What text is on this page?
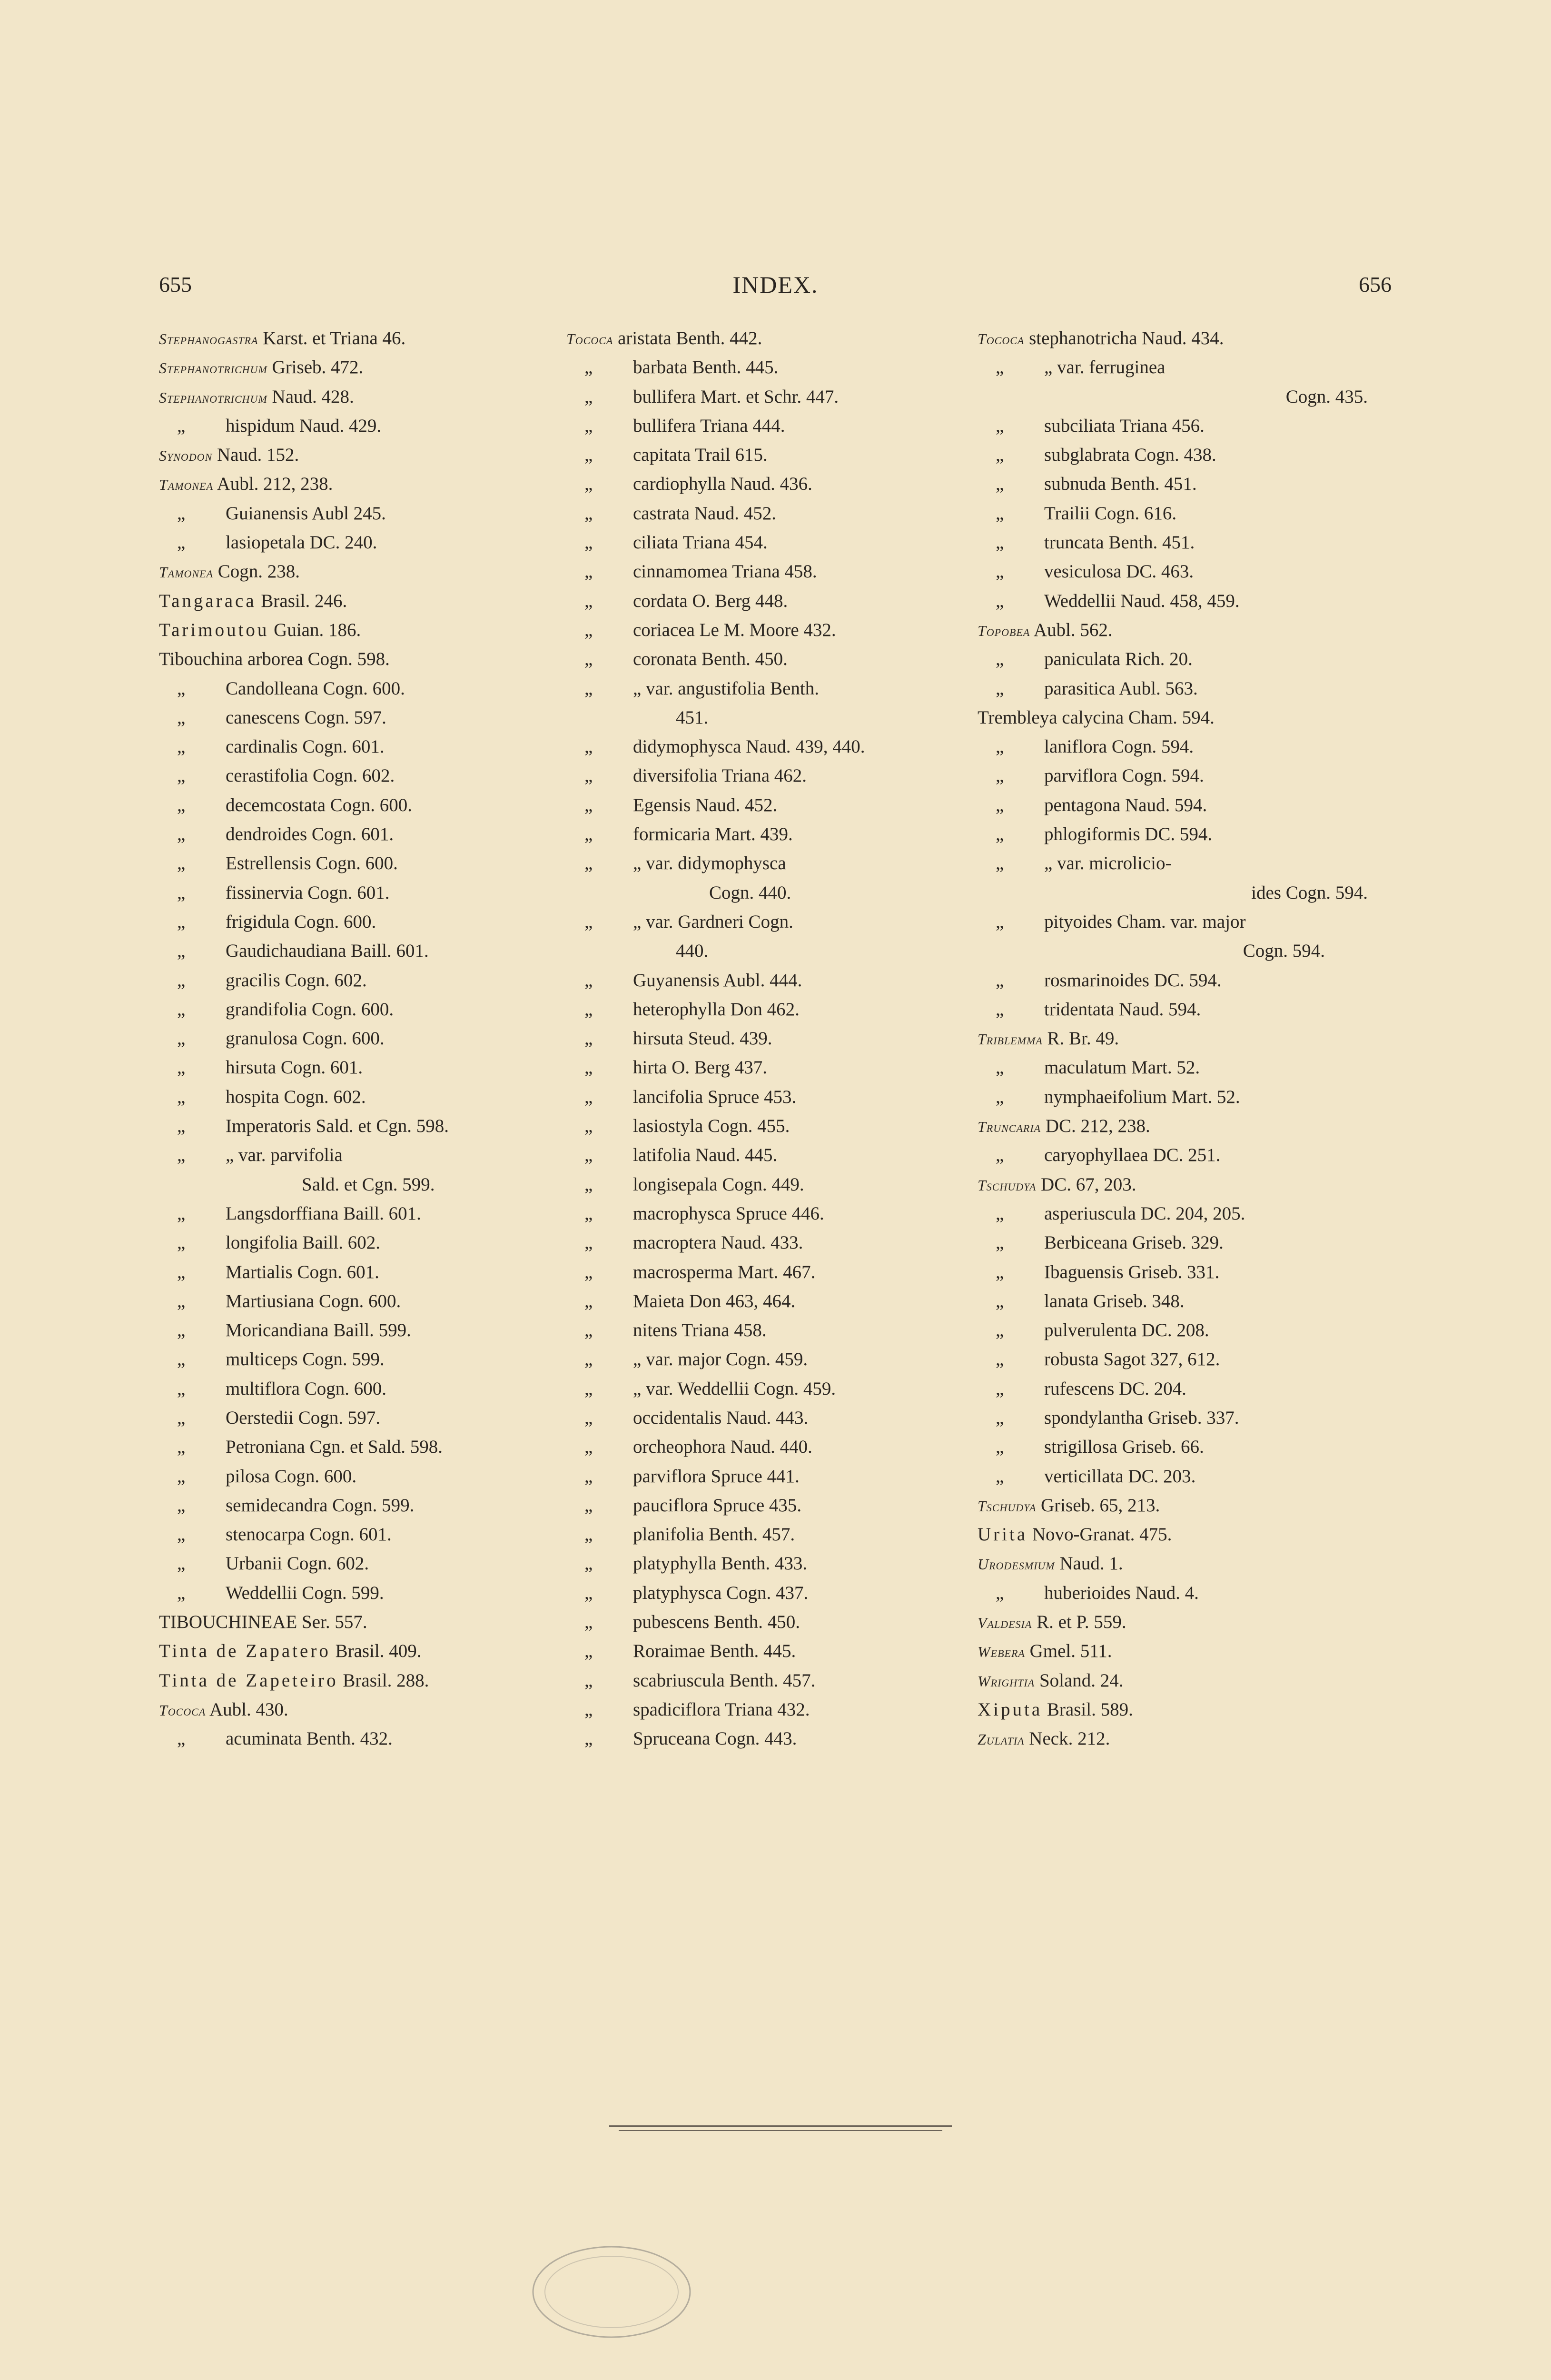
655	INDEX.	656
Stephanogastra Karst. et Triana 46.
Stephanotrichum Griseb. 472.
Stephanotrichum Naud. 428.
„ hispidum Naud. 429.
Synodon Naud. 152.
Tamonea Aubl. 212, 238.
„ Guianensis Aubl 245.
„ lasiopetala DC. 240.
Tamonea Cogn. 238.
Tangaraca Brasil. 246.
Tarimoutou Guian. 186.
Tibouchina arborea Cogn. 598.
„ Candolleana Cogn. 600.
„ canescens Cogn. 597.
„ cardinalis Cogn. 601.
„ cerastifolia Cogn. 602.
„ decemcostata Cogn. 600.
„ dendroides Cogn. 601.
„ Estrellensis Cogn. 600.
„ fissinervia Cogn. 601.
„ frigidula Cogn. 600.
„ Gaudichaudiana Baill. 601.
„ gracilis Cogn. 602.
„ grandifolia Cogn. 600.
„ granulosa Cogn. 600.
„ hirsuta Cogn. 601.
„ hospita Cogn. 602.
„ Imperatoris Sald. et Cgn. 598.
„ „ var. parvifolia
Sald. et Cgn. 599.
„ Langsdorffiana Baill. 601.
„ longifolia Baill. 602.
„ Martialis Cogn. 601.
„ Martiusiana Cogn. 600.
„ Moricandiana Baill. 599.
„ multiceps Cogn. 599.
„ multiflora Cogn. 600.
„ Oerstedii Cogn. 597.
„ Petroniana Cgn. et Sald. 598.
„ pilosa Cogn. 600.
„ semidecandra Cogn. 599.
„ stenocarpa Cogn. 601.
„ Urbanii Cogn. 602.
„ Weddellii Cogn. 599.
TIBOUCHINEAE Ser. 557.
Tinta de Zapatero Brasil. 409.
Tinta de Zapeteiro Brasil. 288.
Tococa Aubl. 430.
„ acuminata Benth. 432.
Tococa aristata Benth. 442.
„ barbata Benth. 445.
„ bullifera Mart. et Schr. 447.
„ bullifera Triana 444.
„ capitata Trail 615.
„ cardiophylla Naud. 436.
„ castrata Naud. 452.
„ ciliata Triana 454.
„ cinnamomea Triana 458.
„ cordata O. Berg 448.
„ coriacea Le M. Moore 432.
„ coronata Benth. 450.
„ „ var. angustifolia Benth.
451.
„ didymophysca Naud. 439, 440.
„ diversifolia Triana 462.
„ Egensis Naud. 452.
„ formicaria Mart. 439.
„ „ var. didymophysca
Cogn. 440.
„ „ var. Gardneri Cogn.
440.
„ Guyanensis Aubl. 444.
„ heterophylla Don 462.
„ hirsuta Steud. 439.
„ hirta O. Berg 437.
„ lancifolia Spruce 453.
„ lasiostyla Cogn. 455.
„ latifolia Naud. 445.
„ longisepala Cogn. 449.
„ macrophysca Spruce 446.
„ macroptera Naud. 433.
„ macrosperma Mart. 467.
„ Maieta Don 463, 464.
„ nitens Triana 458.
„ „ var. major Cogn. 459.
„ „ var. Weddellii Cogn. 459.
„ occidentalis Naud. 443.
„ orcheophora Naud. 440.
„ parviflora Spruce 441.
„ pauciflora Spruce 435.
„ planifolia Benth. 457.
„ platyphylla Benth. 433.
„ platyphysca Cogn. 437.
„ pubescens Benth. 450.
„ Roraimae Benth. 445.
„ scabriuscula Benth. 457.
„ spadiciflora Triana 432.
„ Spruceana Cogn. 443.
Tococa stephanotricha Naud. 434.
„ „ var. ferruginea
Cogn. 435.
„ subciliata Triana 456.
„ subglabrata Cogn. 438.
„ subnuda Benth. 451.
„ Trailii Cogn. 616.
„ truncata Benth. 451.
„ vesiculosa DC. 463.
„ Weddellii Naud. 458, 459.
Topobea Aubl. 562.
„ paniculata Rich. 20.
„ parasitica Aubl. 563.
Trembleya calycina Cham. 594.
„ laniflora Cogn. 594.
„ parviflora Cogn. 594.
„ pentagona Naud. 594.
„ phlogiformis DC. 594.
„ „ var. microlicio-
ides Cogn. 594.
„ pityoides Cham. var. major
Cogn. 594.
„ rosmarinoides DC. 594.
„ tridentata Naud. 594.
Triblemma R. Br. 49.
„ maculatum Mart. 52.
„ nymphaeifolium Mart. 52.
Truncaria DC. 212, 238.
„ caryophyllaea DC. 251.
Tschudya DC. 67, 203.
„ asperiuscula DC. 204, 205.
„ Berbiceana Griseb. 329.
„ Ibaguensis Griseb. 331.
„ lanata Griseb. 348.
„ pulverulenta DC. 208.
„ robusta Sagot 327, 612.
„ rufescens DC. 204.
„ spondylantha Griseb. 337.
„ strigillosa Griseb. 66.
„ verticillata DC. 203.
Tschudya Griseb. 65, 213.
Urita Novo-Granat. 475.
Urodesmium Naud. 1.
„ huberioides Naud. 4.
Valdesia R. et P. 559.
Webera Gmel. 511.
Wrightia Soland. 24.
Xiputa Brasil. 589.
Zulatia Neck. 212.
